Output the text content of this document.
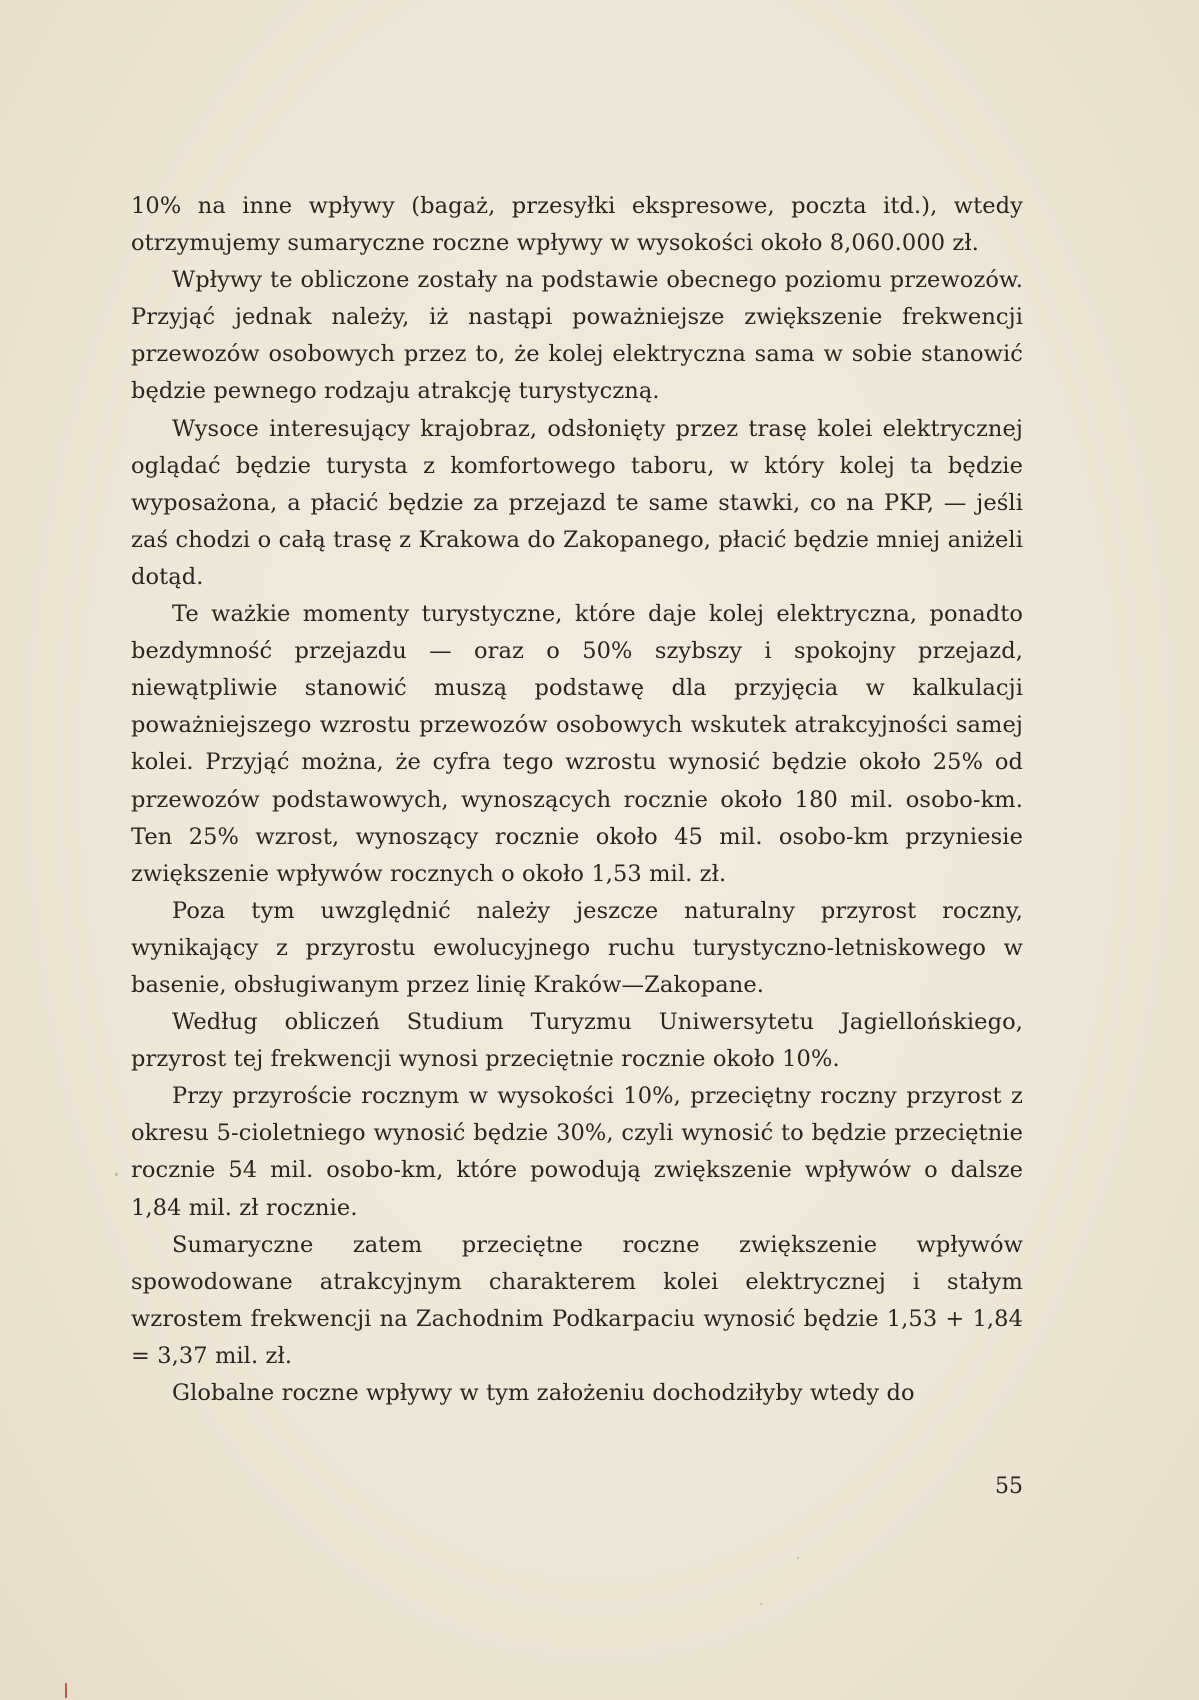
10% na inne wpływy (bagaż, przesyłki ekspresowe, poczta itd.), wtedy otrzymujemy sumaryczne roczne wpływy w wysokości około 8,060.000 zł.

Wpływy te obliczone zostały na podstawie obecnego poziomu przewozów. Przyjąć jednak należy, iż nastąpi poważniejsze zwiększenie frekwencji przewozów osobowych przez to, że kolej elektryczna sama w sobie stanowić będzie pewnego rodzaju atrakcję turystyczną.

Wysoce interesujący krajobraz, odsłonięty przez trasę kolei elektrycznej oglądać będzie turysta z komfortowego taboru, w który kolej ta będzie wyposażona, a płacić będzie za przejazd te same stawki, co na PKP, — jeśli zaś chodzi o całą trasę z Krakowa do Zakopanego, płacić będzie mniej aniżeli dotąd.

Te ważkie momenty turystyczne, które daje kolej elektryczna, ponadto bezdymność przejazdu — oraz o 50% szybszy i spokojny przejazd, niewątpliwie stanowić muszą podstawę dla przyjęcia w kalkulacji poważniejszego wzrostu przewozów osobowych wskutek atrakcyjności samej kolei. Przyjąć można, że cyfra tego wzrostu wynosić będzie około 25% od przewozów podstawowych, wynoszących rocznie około 180 mil. osobo-km. Ten 25% wzrost, wynoszący rocznie około 45 mil. osobo-km przyniesie zwiększenie wpływów rocznych o około 1,53 mil. zł.

Poza tym uwzględnić należy jeszcze naturalny przyrost roczny, wynikający z przyrostu ewolucyjnego ruchu turystyczno-letniskowego w basenie, obsługiwanym przez linię Kraków—Zakopane.

Według obliczeń Studium Turyzmu Uniwersytetu Jagiellońskiego, przyrost tej frekwencji wynosi przeciętnie rocznie około 10%.

Przy przyroście rocznym w wysokości 10%, przeciętny roczny przyrost z okresu 5-cioletniego wynosić będzie 30%, czyli wynosić to będzie przeciętnie rocznie 54 mil. osobo-km, które powodują zwiększenie wpływów o dalsze 1,84 mil. zł rocznie.

Sumaryczne zatem przeciętne roczne zwiększenie wpływów spowodowane atrakcyjnym charakterem kolei elektrycznej i stałym wzrostem frekwencji na Zachodnim Podkarpaciu wynosić będzie 1,53 + 1,84 = 3,37 mil. zł.

Globalne roczne wpływy w tym założeniu dochodziłyby wtedy do

55
